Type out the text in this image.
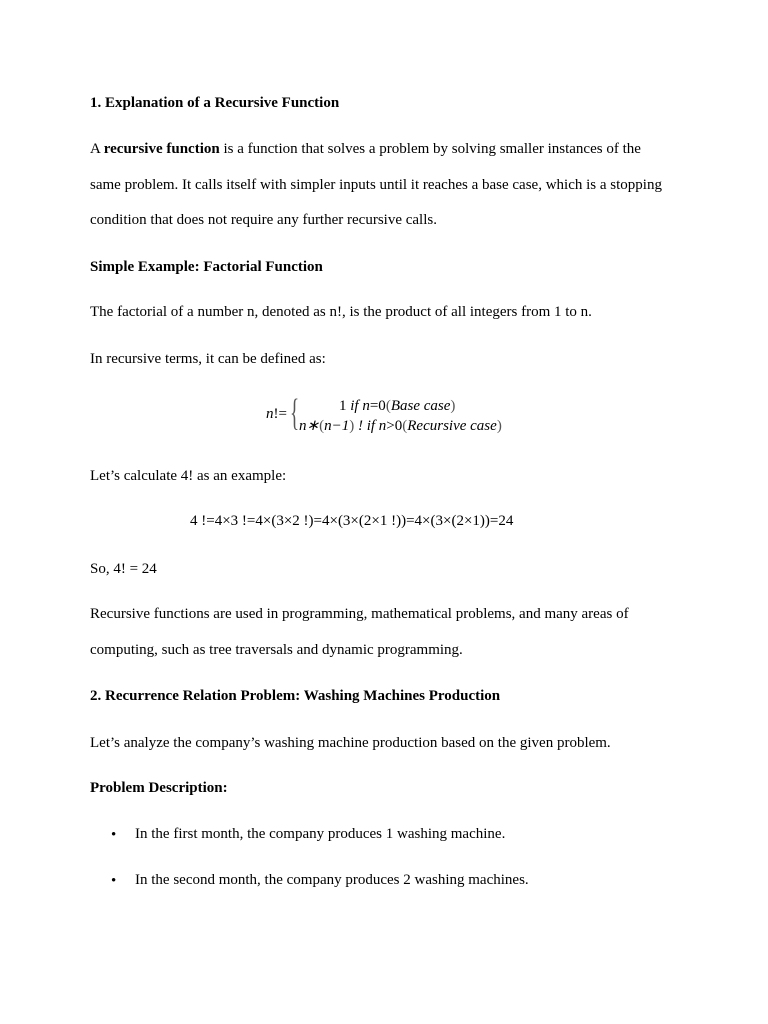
1. Explanation of a Recursive Function
A recursive function is a function that solves a problem by solving smaller instances of the
same problem. It calls itself with simpler inputs until it reaches a base case, which is a stopping
condition that does not require any further recursive calls.
Simple Example: Factorial Function
The factorial of a number n, denoted as n!, is the product of all integers from 1 to n.
In recursive terms, it can be defined as:
n!= {	1 if n=0(Base case)
n∗(n−1) ! if n>0(Recursive case)
Let’s calculate 4! as an example:
4 !=4×3 !=4×(3×2 !)=4×(3×(2×1 !))=4×(3×(2×1))=24
So, 4! = 24
Recursive functions are used in programming, mathematical problems, and many areas of
computing, such as tree traversals and dynamic programming.
2. Recurrence Relation Problem: Washing Machines Production
Let’s analyze the company’s washing machine production based on the given problem.
Problem Description:
• In the first month, the company produces 1 washing machine.
• In the second month, the company produces 2 washing machines.
